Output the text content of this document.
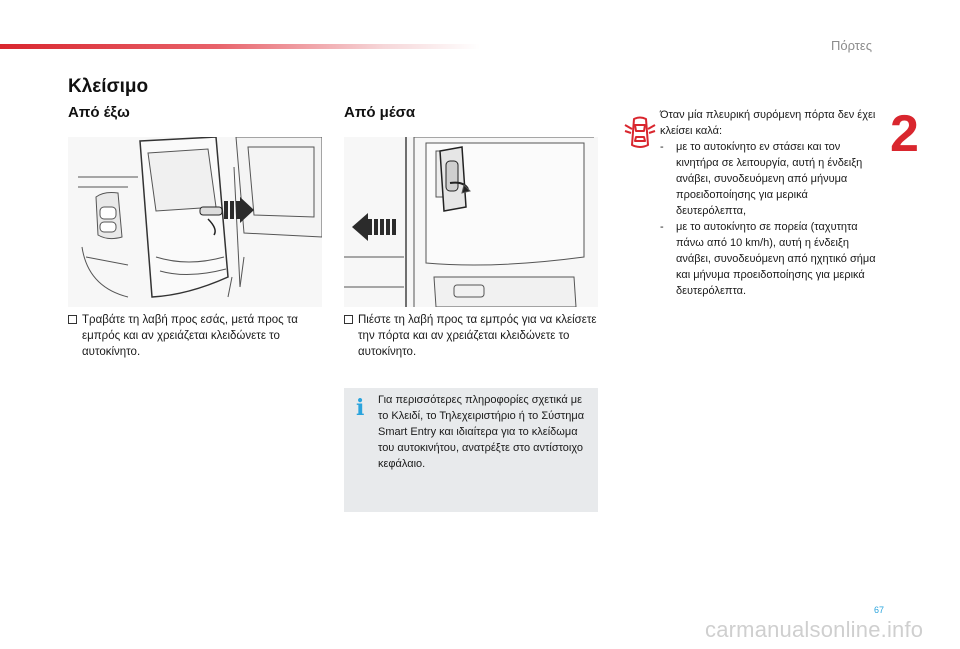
Πόρτες
2
Κλείσιμο
Από έξω	Από μέσα
Τραβάτε τη λαβή προς εσάς, μετά προς τα εμπρός και αν χρειάζεται κλειδώνετε το αυτοκίνητο.
Πιέστε τη λαβή προς τα εμπρός για να κλείσετε την πόρτα και αν χρειάζεται κλειδώνετε το αυτοκίνητο.
i Για περισσότερες πληροφορίες σχετικά με το Κλειδί, το Τηλεχειριστήριο ή το Σύστημα Smart Entry και ιδιαίτερα για το κλείδωμα του αυτοκινήτου, ανατρέξτε στο αντίστοιχο κεφάλαιο.

Όταν μία πλευρική συρόμενη πόρτα δεν έχει κλείσει καλά:

- με το αυτοκίνητο εν στάσει και τον κινητήρα σε λειτουργία, αυτή η ένδειξη ανάβει, συνοδευόμενη από μήνυμα προειδοποίησης για μερικά δευτερόλεπτα,

- με το αυτοκίνητο σε πορεία (ταχυτητα πάνω από 10 km/h), αυτή η ένδειξη ανάβει, συνοδευόμενη από ηχητικό σήμα και μήνυμα προειδοποίησης για μερικά δευτερόλεπτα.

67
carmanualsonline.info
